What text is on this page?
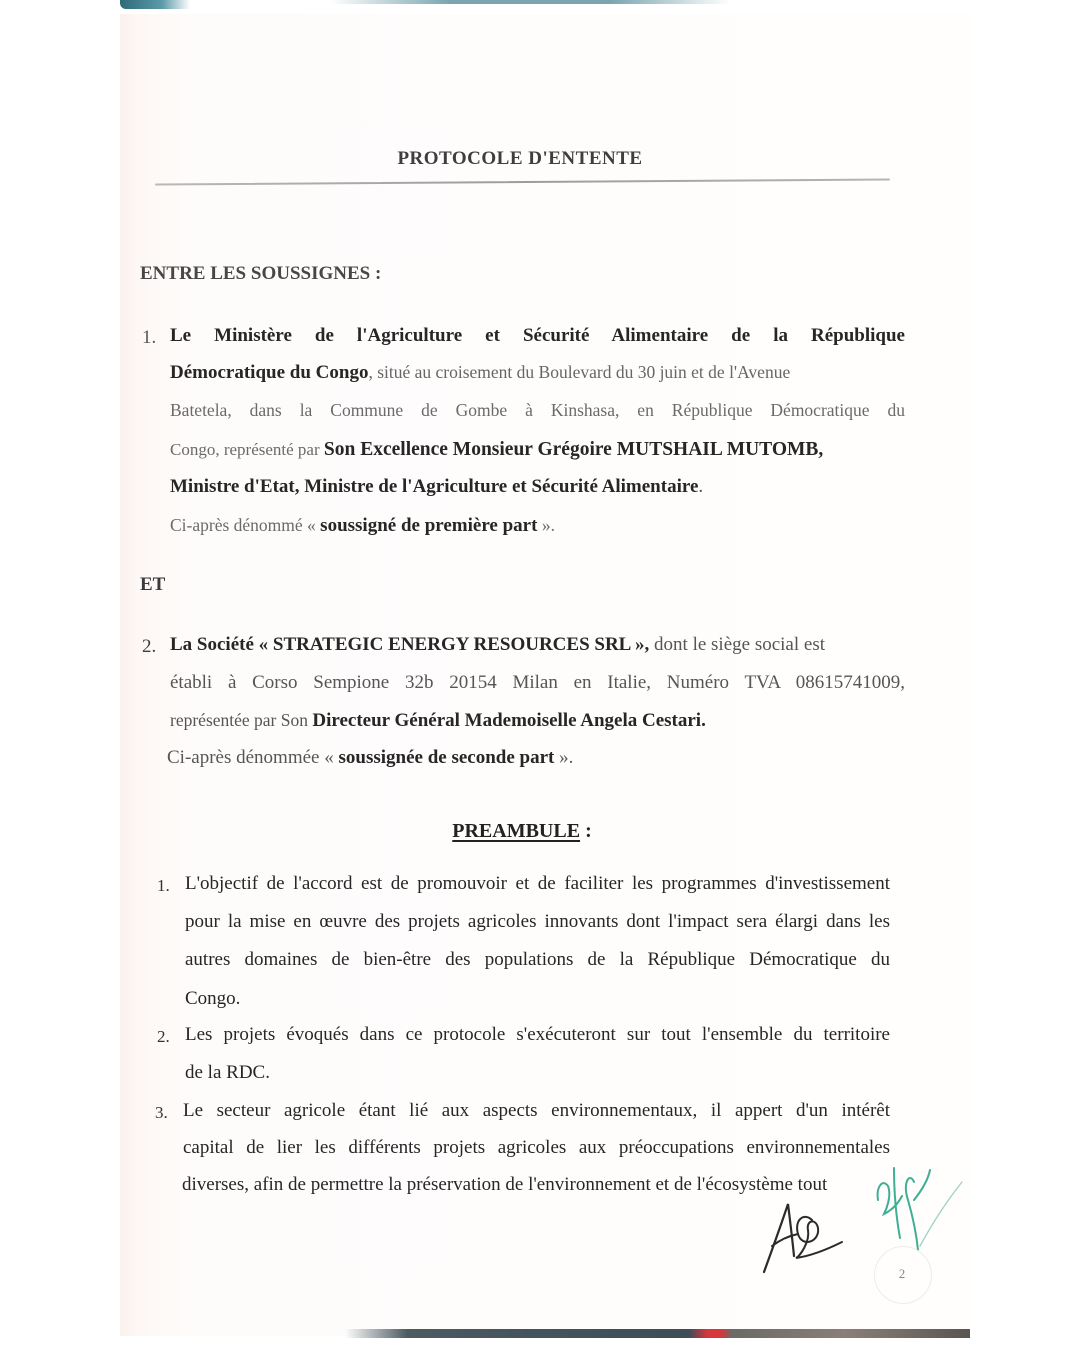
PROTOCOLE D'ENTENTE
ENTRE LES SOUSSIGNES :
1. Le Ministère de l'Agriculture et Sécurité Alimentaire de la République
Démocratique du Congo, situé au croisement du Boulevard du 30 juin et de l'Avenue
Batetela, dans la Commune de Gombe à Kinshasa, en République Démocratique du
Congo, représenté par Son Excellence Monsieur Grégoire MUTSHAIL MUTOMB,
Ministre d'Etat, Ministre de l'Agriculture et Sécurité Alimentaire.
Ci-après dénommé « soussigné de première part ».
ET
2. La Société « STRATEGIC ENERGY RESOURCES SRL », dont le siège social est
établi à Corso Sempione 32b 20154 Milan en Italie, Numéro TVA 08615741009,
représentée par Son Directeur Général Mademoiselle Angela Cestari.
Ci-après dénommée « soussignée de seconde part ».
PREAMBULE :
1. L'objectif de l'accord est de promouvoir et de faciliter les programmes d'investissement
pour la mise en œuvre des projets agricoles innovants dont l'impact sera élargi dans les
autres domaines de bien-être des populations de la République Démocratique du
Congo.
2. Les projets évoqués dans ce protocole s'exécuteront sur tout l'ensemble du territoire
de la RDC.
3. Le secteur agricole étant lié aux aspects environnementaux, il appert d'un intérêt
capital de lier les différents projets agricoles aux préoccupations environnementales
diverses, afin de permettre la préservation de l'environnement et de l'écosystème tout
2
